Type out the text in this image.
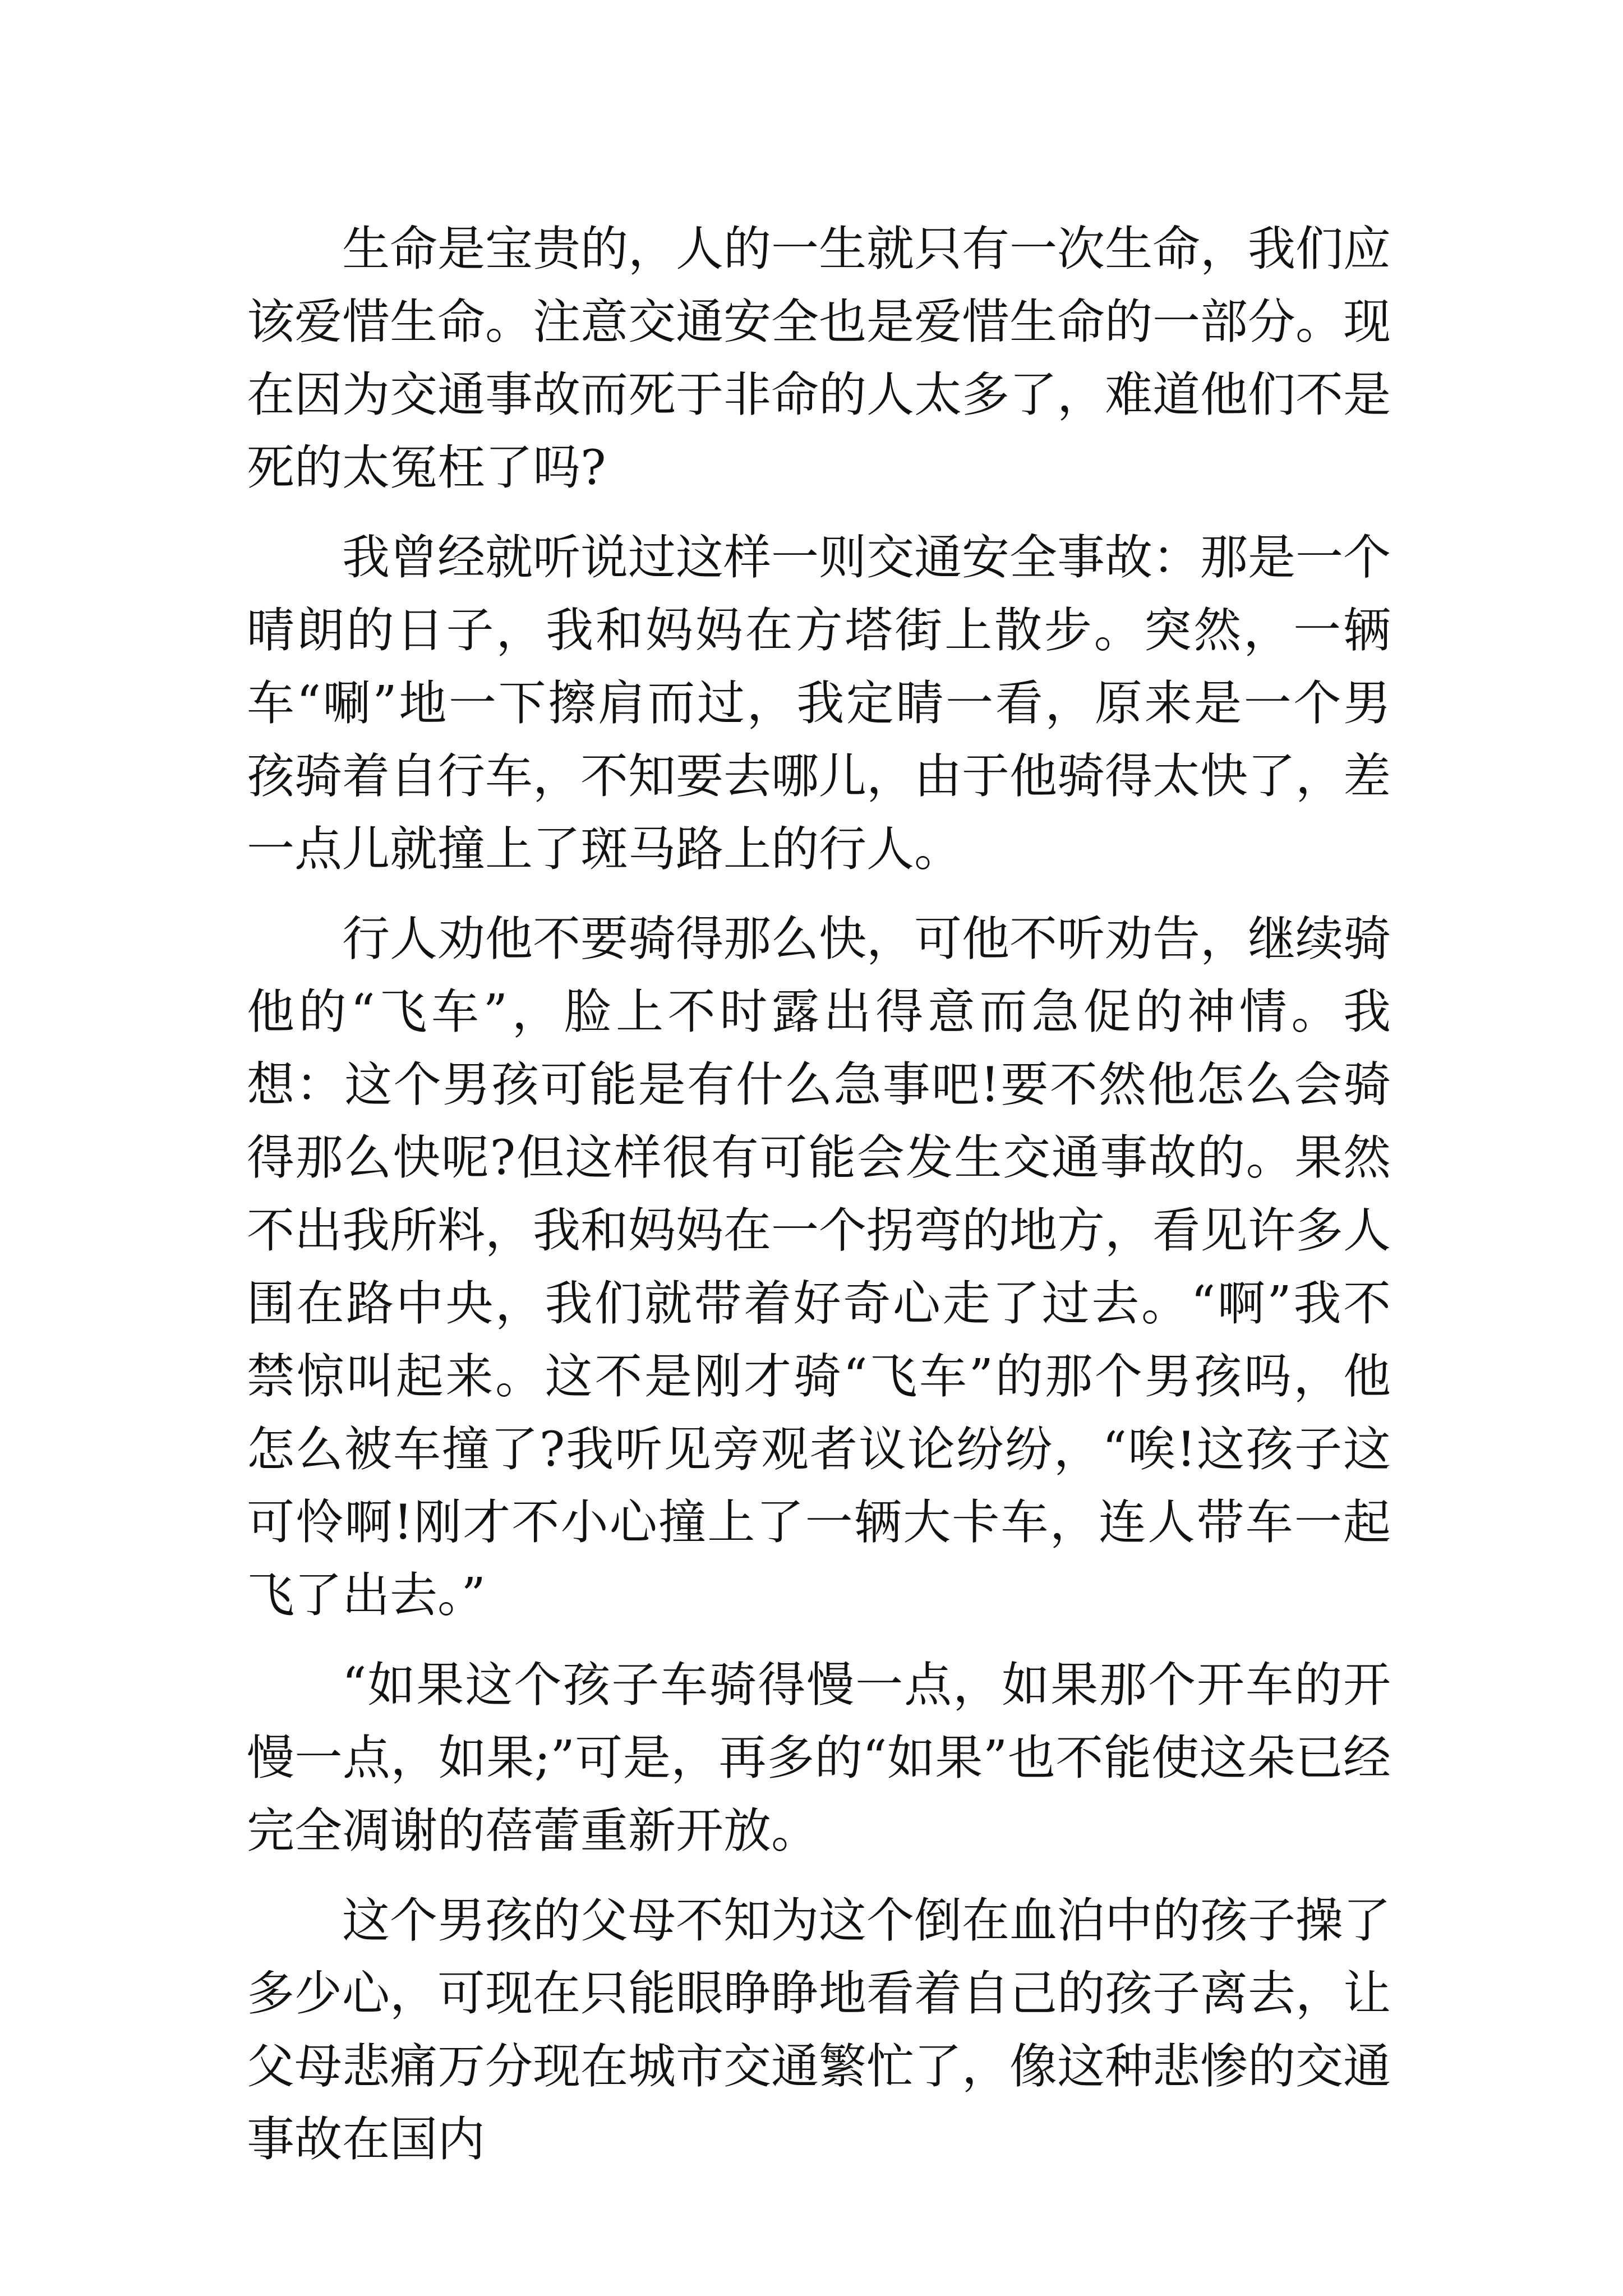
生命是宝贵的，人的一生就只有一次生命，我们应该爱惜生命。注意交通安全也是爱惜生命的一部分。现在因为交通事故而死于非命的人太多了，难道他们不是死的太冤枉了吗?

我曾经就听说过这样一则交通安全事故：那是一个晴朗的日子，我和妈妈在方塔街上散步。突然，一辆车“唰”地一下擦肩而过，我定睛一看，原来是一个男孩骑着自行车，不知要去哪儿，由于他骑得太快了，差一点儿就撞上了斑马路上的行人。

行人劝他不要骑得那么快，可他不听劝告，继续骑他的“飞车”，脸上不时露出得意而急促的神情。我想：这个男孩可能是有什么急事吧!要不然他怎么会骑得那么快呢?但这样很有可能会发生交通事故的。果然不出我所料，我和妈妈在一个拐弯的地方，看见许多人围在路中央，我们就带着好奇心走了过去。“啊”我不禁惊叫起来。这不是刚才骑“飞车”的那个男孩吗，他怎么被车撞了?我听见旁观者议论纷纷，“唉!这孩子这可怜啊!刚才不小心撞上了一辆大卡车，连人带车一起飞了出去。”

“如果这个孩子车骑得慢一点，如果那个开车的开慢一点，如果;”可是，再多的“如果”也不能使这朵已经完全凋谢的蓓蕾重新开放。

这个男孩的父母不知为这个倒在血泊中的孩子操了多少心，可现在只能眼睁睁地看着自己的孩子离去，让父母悲痛万分现在城市交通繁忙了，像这种悲惨的交通事故在国内
